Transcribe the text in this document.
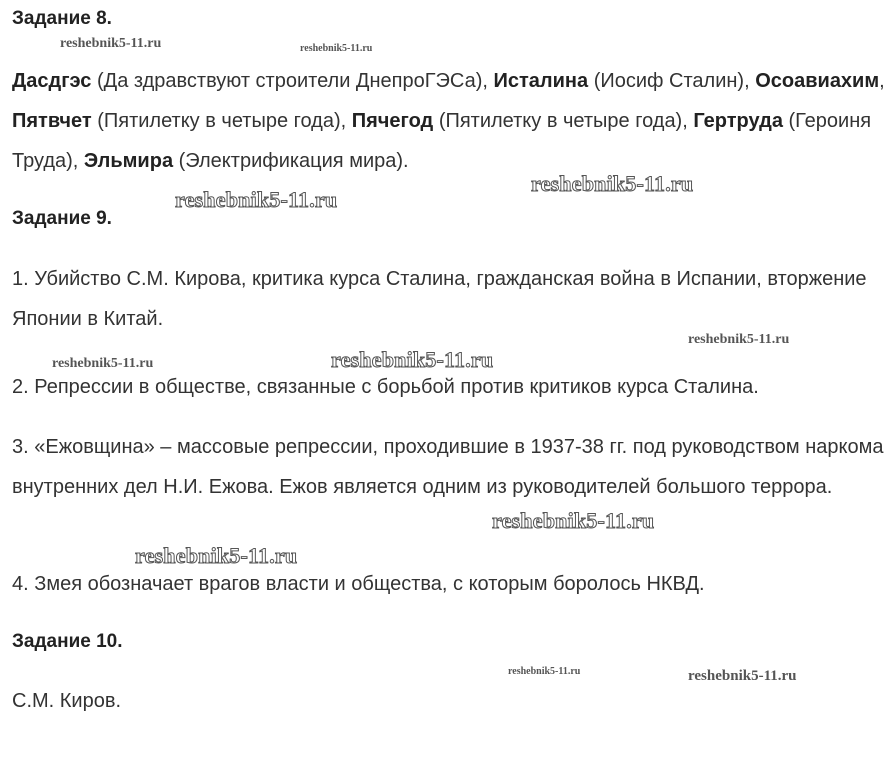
Задание 8.

Дасдгэс (Да здравствуют строители ДнепроГЭСа), Исталина (Иосиф Сталин), Осоавиахим, Пятвчет (Пятилетку в четыре года), Пячегод (Пятилетку в четыре года), Гертруда (Героиня Труда), Эльмира (Электрификация мира).

Задание 9.

1. Убийство С.М. Кирова, критика курса Сталина, гражданская война в Испании, вторжение Японии в Китай.

2. Репрессии в обществе, связанные с борьбой против критиков курса Сталина.

3. «Ежовщина» – массовые репрессии, проходившие в 1937-38 гг. под руководством наркома внутренних дел Н.И. Ежова. Ежов является одним из руководителей большого террора.

4. Змея обозначает врагов власти и общества, с которым боролось НКВД.

Задание 10.

С.М. Киров.

reshebnik5-11.ru	reshebnik5-11.ru
reshebnik5-11.ru
reshebnik5-11.ru
reshebnik5-11.ru
reshebnik5-11.ru	reshebnik5-11.ru
reshebnik5-11.ru
reshebnik5-11.ru
reshebnik5-11.ru	reshebnik5-11.ru
